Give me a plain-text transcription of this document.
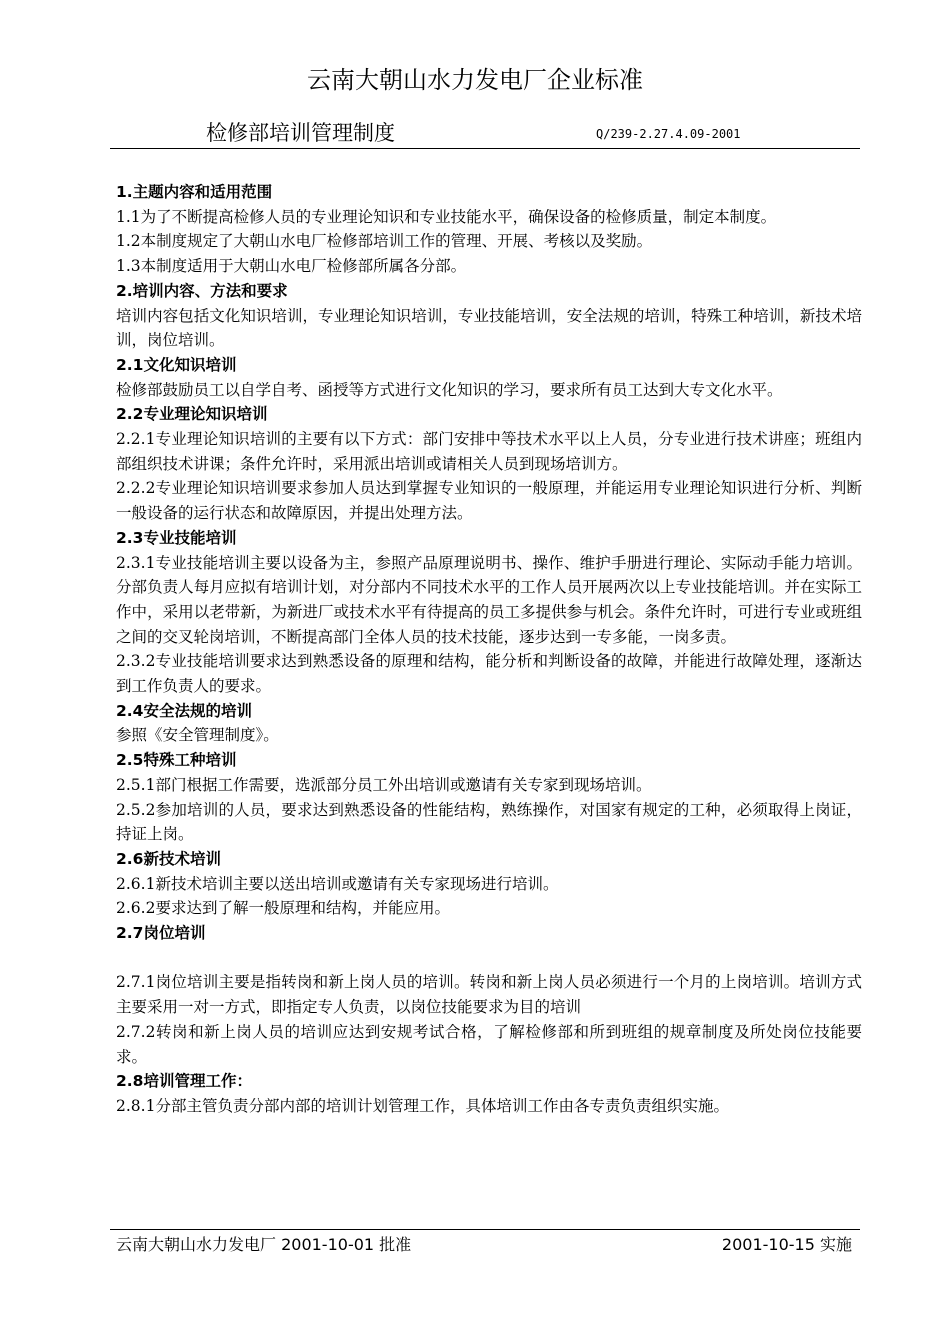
云南大朝山水力发电厂企业标准
检修部培训管理制度	Q/239-2.27.4.09-2001

1.主题内容和适用范围

1.1为了不断提高检修人员的专业理论知识和专业技能水平，确保设备的检修质量，制定本制度。

1.2本制度规定了大朝山水电厂检修部培训工作的管理、开展、考核以及奖励。

1.3本制度适用于大朝山水电厂检修部所属各分部。

2.培训内容、方法和要求

培训内容包括文化知识培训，专业理论知识培训，专业技能培训，安全法规的培训，特殊工种培训，新技术培训，岗位培训。

2.1文化知识培训

检修部鼓励员工以自学自考、函授等方式进行文化知识的学习，要求所有员工达到大专文化水平。

2.2专业理论知识培训

2.2.1专业理论知识培训的主要有以下方式：部门安排中等技术水平以上人员，分专业进行技术讲座；班组内部组织技术讲课；条件允许时，采用派出培训或请相关人员到现场培训方。

2.2.2专业理论知识培训要求参加人员达到掌握专业知识的一般原理，并能运用专业理论知识进行分析、判断一般设备的运行状态和故障原因，并提出处理方法。

2.3专业技能培训

2.3.1专业技能培训主要以设备为主，参照产品原理说明书、操作、维护手册进行理论、实际动手能力培训。分部负责人每月应拟有培训计划，对分部内不同技术水平的工作人员开展两次以上专业技能培训。并在实际工作中，采用以老带新，为新进厂或技术水平有待提高的员工多提供参与机会。条件允许时，可进行专业或班组之间的交叉轮岗培训，不断提高部门全体人员的技术技能，逐步达到一专多能，一岗多责。

2.3.2专业技能培训要求达到熟悉设备的原理和结构，能分析和判断设备的故障，并能进行故障处理，逐渐达到工作负责人的要求。

2.4安全法规的培训

参照《安全管理制度》。

2.5特殊工种培训

2.5.1部门根据工作需要，选派部分员工外出培训或邀请有关专家到现场培训。

2.5.2参加培训的人员，要求达到熟悉设备的性能结构，熟练操作，对国家有规定的工种，必须取得上岗证，持证上岗。

2.6新技术培训

2.6.1新技术培训主要以送出培训或邀请有关专家现场进行培训。

2.6.2要求达到了解一般原理和结构，并能应用。

2.7岗位培训

2.7.1岗位培训主要是指转岗和新上岗人员的培训。转岗和新上岗人员必须进行一个月的上岗培训。培训方式主要采用一对一方式，即指定专人负责，以岗位技能要求为目的培训

2.7.2转岗和新上岗人员的培训应达到安规考试合格，了解检修部和所到班组的规章制度及所处岗位技能要求。

2.8培训管理工作：

2.8.1分部主管负责分部内部的培训计划管理工作，具体培训工作由各专责负责组织实施。

云南大朝山水力发电厂 2001-10-01 批准	2001-10-15 实施
